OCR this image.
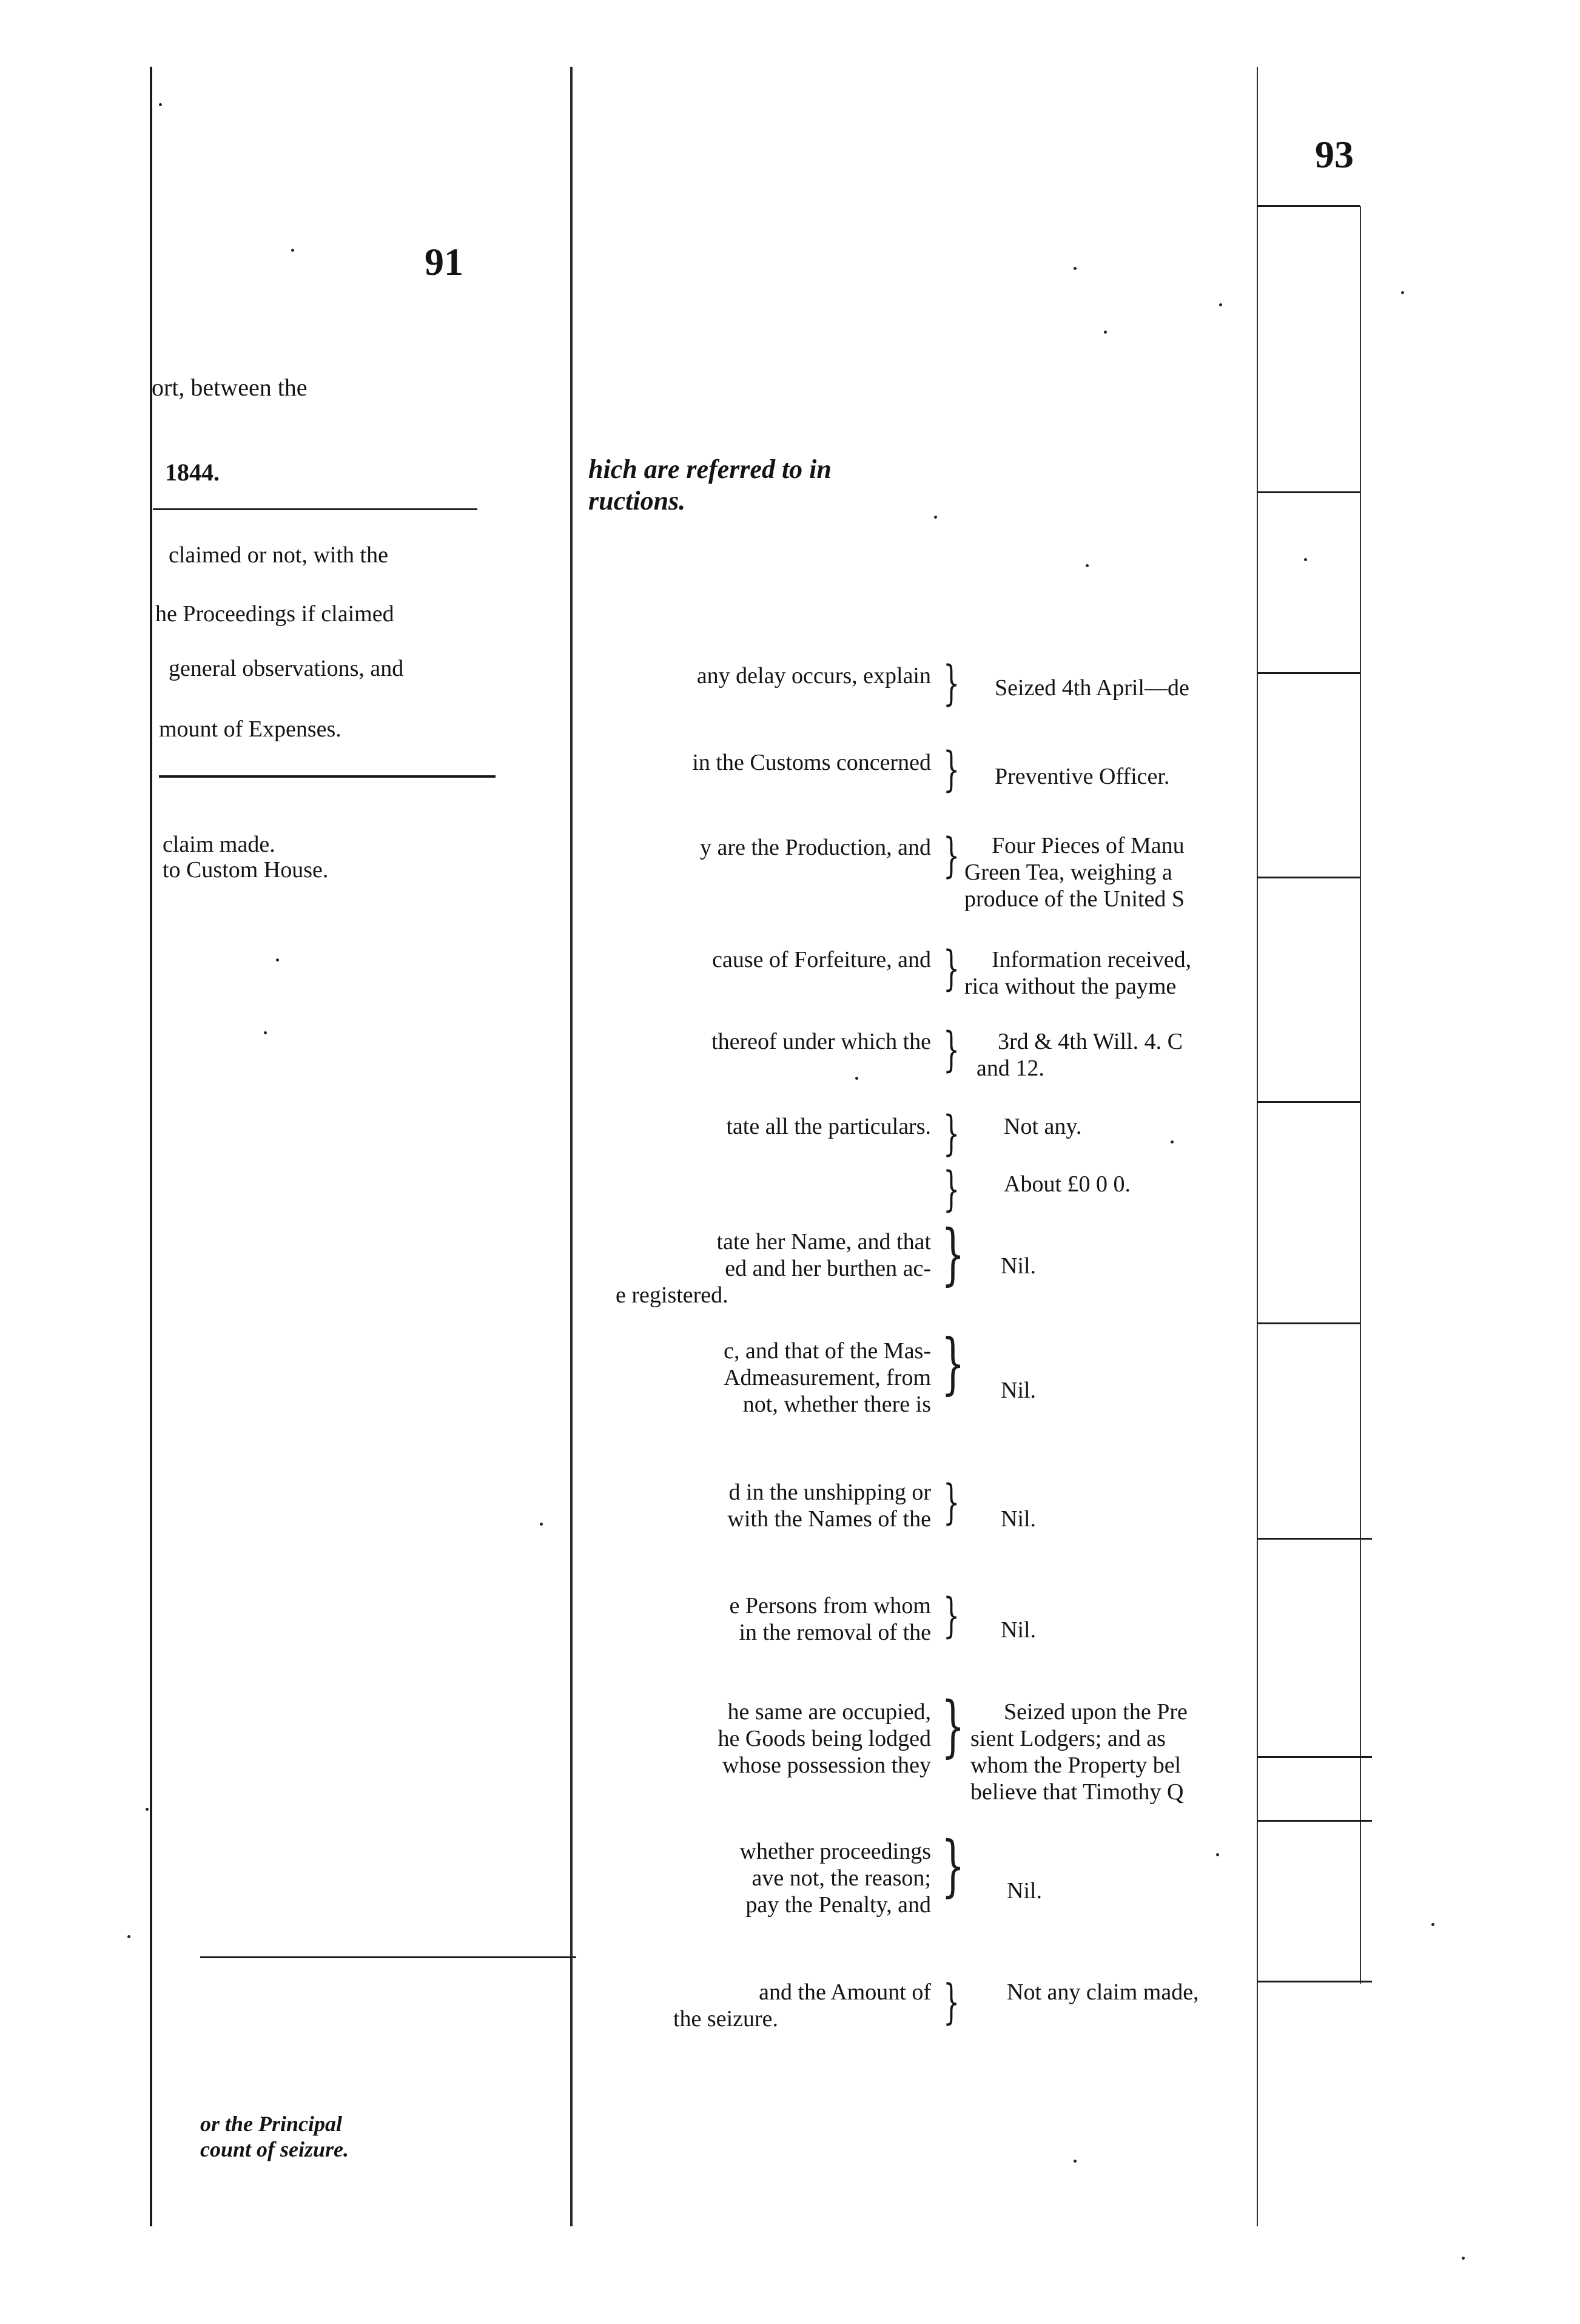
91
93
ort, between the
1844.
claimed or not, with the
he Proceedings if claimed
general observations, and
mount of Expenses.
claim made.
to Custom House.
or the Principal
count of seizure.
hich are referred to in
ructions.
any delay occurs, explain } Seized 4th April—de
in the Customs concerned } Preventive Officer.
y are the Production, and }	Four Pieces of Manu
Green Tea, weighing a
produce of the United S
cause of Forfeiture, and }	Information received,
rica without the payme
thereof under which the }	3rd & 4th Will. 4. C
and 12.
tate all the particulars. } Not any.
} About £0 0 0.
tate her Name, and that
ed and her burthen ac-
e registered.
} Nil.
c, and that of the Mas-
Admeasurement, from
not, whether there is
} Nil.
d in the unshipping or
with the Names of the } Nil.
e Persons from whom
in the removal of the } Nil.
he same are occupied,
he Goods being lodged
whose possession they
}	Seized upon the Pre
sient Lodgers; and as
whom the Property bel
believe that Timothy Q
whether proceedings
ave not, the reason;
pay the Penalty, and
} Nil.
and the Amount of
the seizure.	} Not any claim made,
